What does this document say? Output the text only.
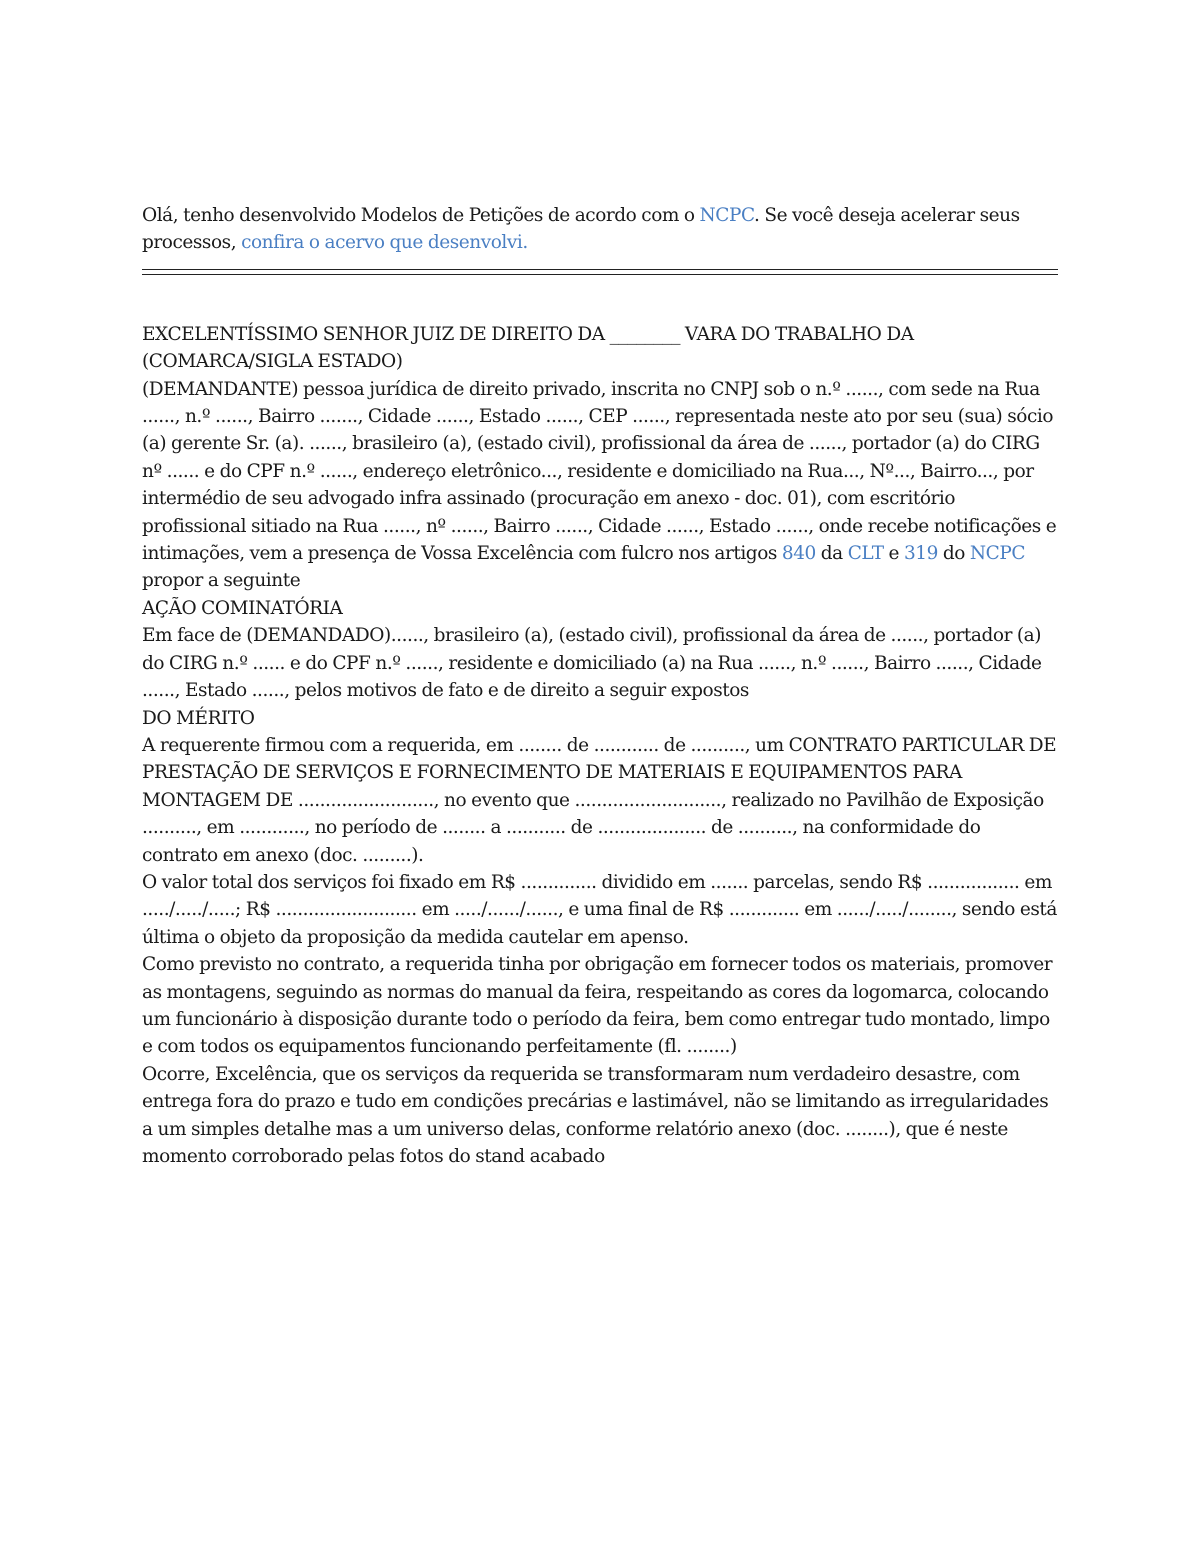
Olá, tenho desenvolvido Modelos de Petições de acordo com o NCPC. Se você deseja acelerar seus processos, confira o acervo que desenvolvi.

EXCELENTÍSSIMO SENHOR JUIZ DE DIREITO DA ________ VARA DO TRABALHO DA

(COMARCA/SIGLA ESTADO)

(DEMANDANTE) pessoa jurídica de direito privado, inscrita no CNPJ sob o n.º ......, com sede na Rua ......, n.º ......, Bairro ......., Cidade ......, Estado ......, CEP ......, representada neste ato por seu (sua) sócio (a) gerente Sr. (a). ......, brasileiro (a), (estado civil), profissional da área de ......, portador (a) do CIRG nº ...... e do CPF n.º ......, endereço eletrônico..., residente e domiciliado na Rua..., Nº..., Bairro..., por intermédio de seu advogado infra assinado (procuração em anexo - doc. 01), com escritório profissional sitiado na Rua ......, nº ......, Bairro ......, Cidade ......, Estado ......, onde recebe notificações e intimações, vem a presença de Vossa Excelência com fulcro nos artigos 840 da CLT e 319 do NCPC propor a seguinte

AÇÃO COMINATÓRIA

Em face de (DEMANDADO)......, brasileiro (a), (estado civil), profissional da área de ......, portador (a) do CIRG n.º ...... e do CPF n.º ......, residente e domiciliado (a) na Rua ......, n.º ......, Bairro ......, Cidade ......, Estado ......, pelos motivos de fato e de direito a seguir expostos

DO MÉRITO

A requerente firmou com a requerida, em ........ de ............ de .........., um CONTRATO PARTICULAR DE PRESTAÇÃO DE SERVIÇOS E FORNECIMENTO DE MATERIAIS E EQUIPAMENTOS PARA MONTAGEM DE ........................., no evento que ..........................., realizado no Pavilhão de Exposição .........., em ............, no período de ........ a ........... de .................... de .........., na conformidade do contrato em anexo (doc. .........).

O valor total dos serviços foi fixado em R$ .............. dividido em ....... parcelas, sendo R$ ................. em ...../...../.....; R$ .......................... em ...../....../......, e uma final de R$ ............. em ....../...../........, sendo está última o objeto da proposição da medida cautelar em apenso.

Como previsto no contrato, a requerida tinha por obrigação em fornecer todos os materiais, promover as montagens, seguindo as normas do manual da feira, respeitando as cores da logomarca, colocando um funcionário à disposição durante todo o período da feira, bem como entregar tudo montado, limpo e com todos os equipamentos funcionando perfeitamente (fl. ........)

Ocorre, Excelência, que os serviços da requerida se transformaram num verdadeiro desastre, com entrega fora do prazo e tudo em condições precárias e lastimável, não se limitando as irregularidades a um simples detalhe mas a um universo delas, conforme relatório anexo (doc. ........), que é neste momento corroborado pelas fotos do stand acabado
